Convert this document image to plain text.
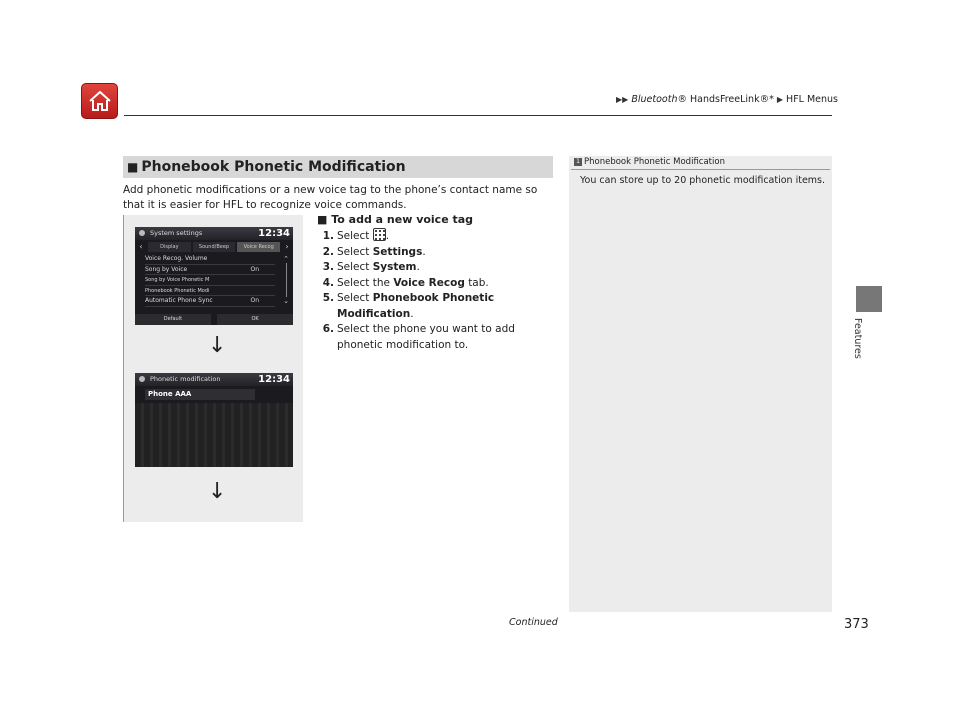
▶▶ Bluetooth® HandsFreeLink®* ▶ HFL Menus
Features
■ Phonebook Phonetic Modification
Add phonetic modifications or a new voice tag to the phone’s contact name so that it is easier for HFL to recognize voice commands.
System settings	12:34
‹	Display	Sound/Beep	Voice Recog	›
Voice Recog. Volume
Song by Voice	On
Song by Voice Phonetic M
Phonebook Phonetic Modi
Automatic Phone Sync	On
⌃
⌄
Default	OK
↓
Phonetic modification	12:34
Phone AAA
↓
■ To add a new voice tag
1. Select .
2. Select Settings.
3. Select System.
4. Select the Voice Recog tab.
5. Select Phonebook Phonetic Modification.
6. Select the phone you want to add phonetic modification to.
1 Phonebook Phonetic Modification
You can store up to 20 phonetic modification items.
Continued	373
